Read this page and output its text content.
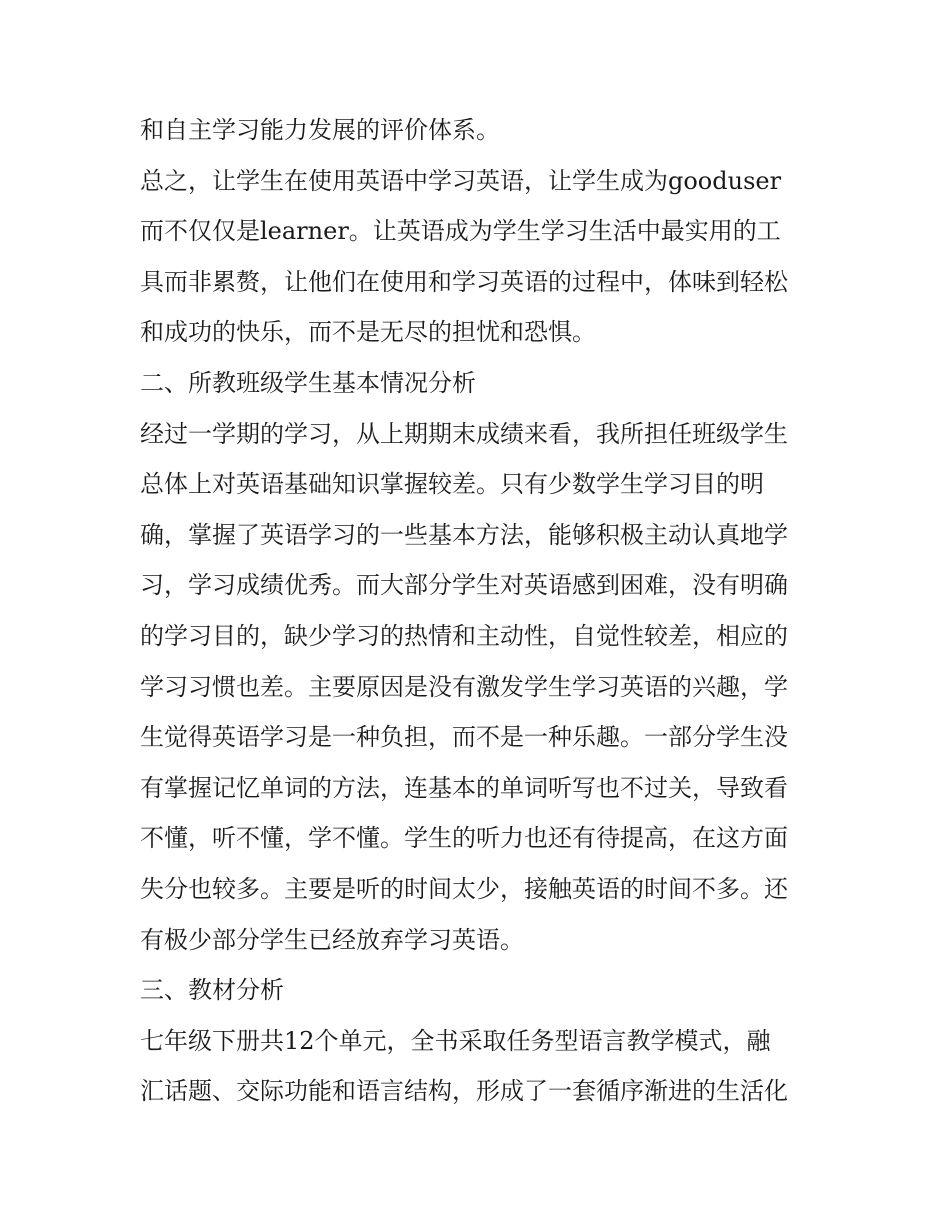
和自主学习能力发展的评价体系。
总之，让学生在使用英语中学习英语，让学生成为gooduser
而不仅仅是learner。让英语成为学生学习生活中最实用的工
具而非累赘，让他们在使用和学习英语的过程中，体味到轻松
和成功的快乐，而不是无尽的担忧和恐惧。
二、所教班级学生基本情况分析
经过一学期的学习，从上期期末成绩来看，我所担任班级学生
总体上对英语基础知识掌握较差。只有少数学生学习目的明
确，掌握了英语学习的一些基本方法，能够积极主动认真地学
习，学习成绩优秀。而大部分学生对英语感到困难，没有明确
的学习目的，缺少学习的热情和主动性，自觉性较差，相应的
学习习惯也差。主要原因是没有激发学生学习英语的兴趣，学
生觉得英语学习是一种负担，而不是一种乐趣。一部分学生没
有掌握记忆单词的方法，连基本的单词听写也不过关，导致看
不懂，听不懂，学不懂。学生的听力也还有待提高，在这方面
失分也较多。主要是听的时间太少，接触英语的时间不多。还
有极少部分学生已经放弃学习英语。
三、教材分析
七年级下册共12个单元，全书采取任务型语言教学模式，融
汇话题、交际功能和语言结构，形成了一套循序渐进的生活化
